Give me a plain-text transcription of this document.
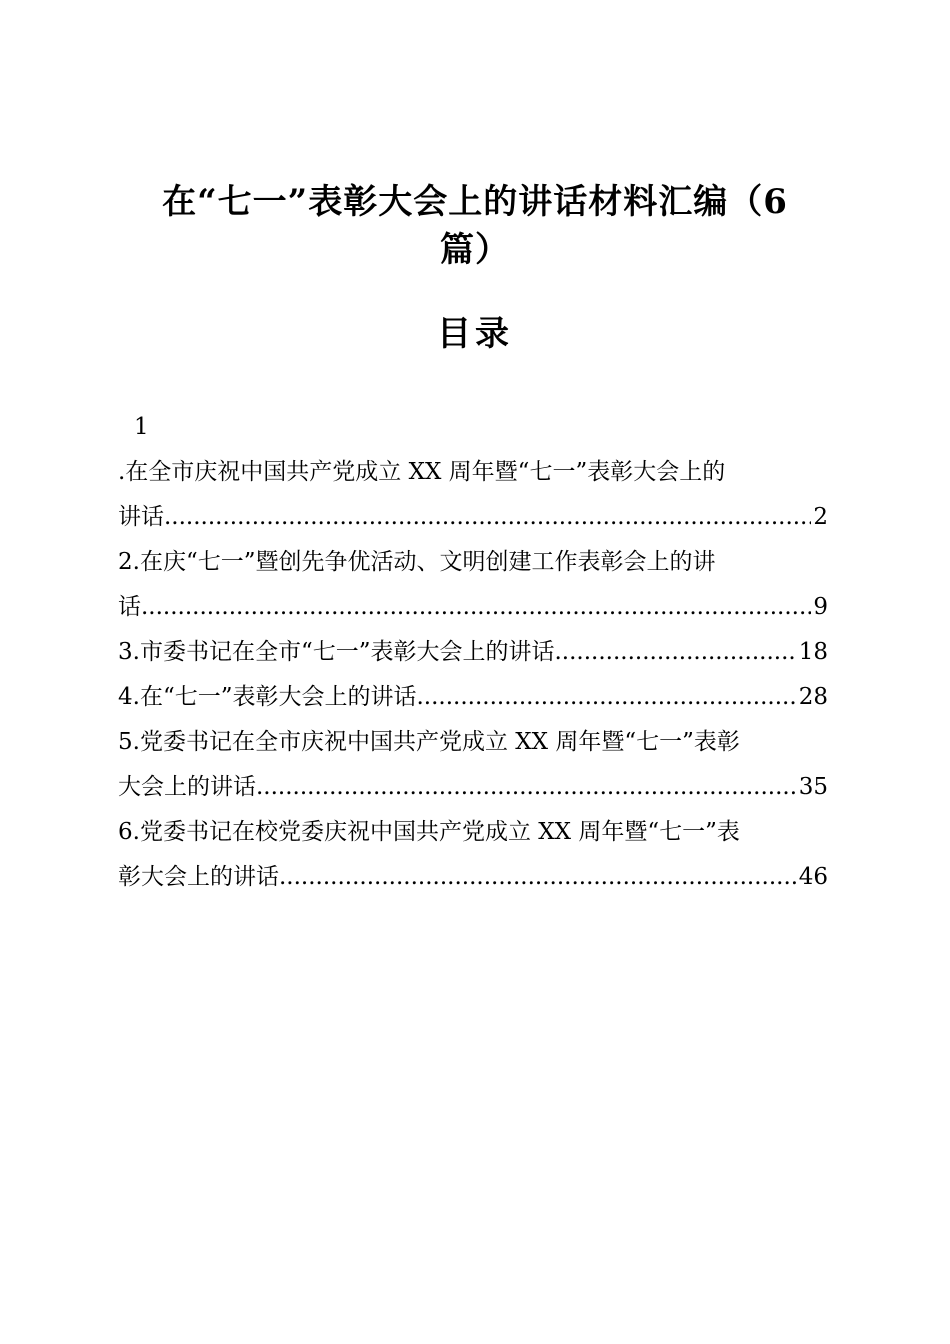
在“七一”表彰大会上的讲话材料汇编（6
篇）
目录
1
.在全市庆祝中国共产党成立 XX 周年暨“七一”表彰大会上的
讲话 .....	2
2.在庆“七一”暨创先争优活动、文明创建工作表彰会上的讲
话 .....	9
3.市委书记在全市“七一”表彰大会上的讲话 .....	18
4.在“七一”表彰大会上的讲话 .....	28
5.党委书记在全市庆祝中国共产党成立 XX 周年暨“七一”表彰
大会上的讲话 .....	35
6.党委书记在校党委庆祝中国共产党成立 XX 周年暨“七一”表
彰大会上的讲话 .....	46
